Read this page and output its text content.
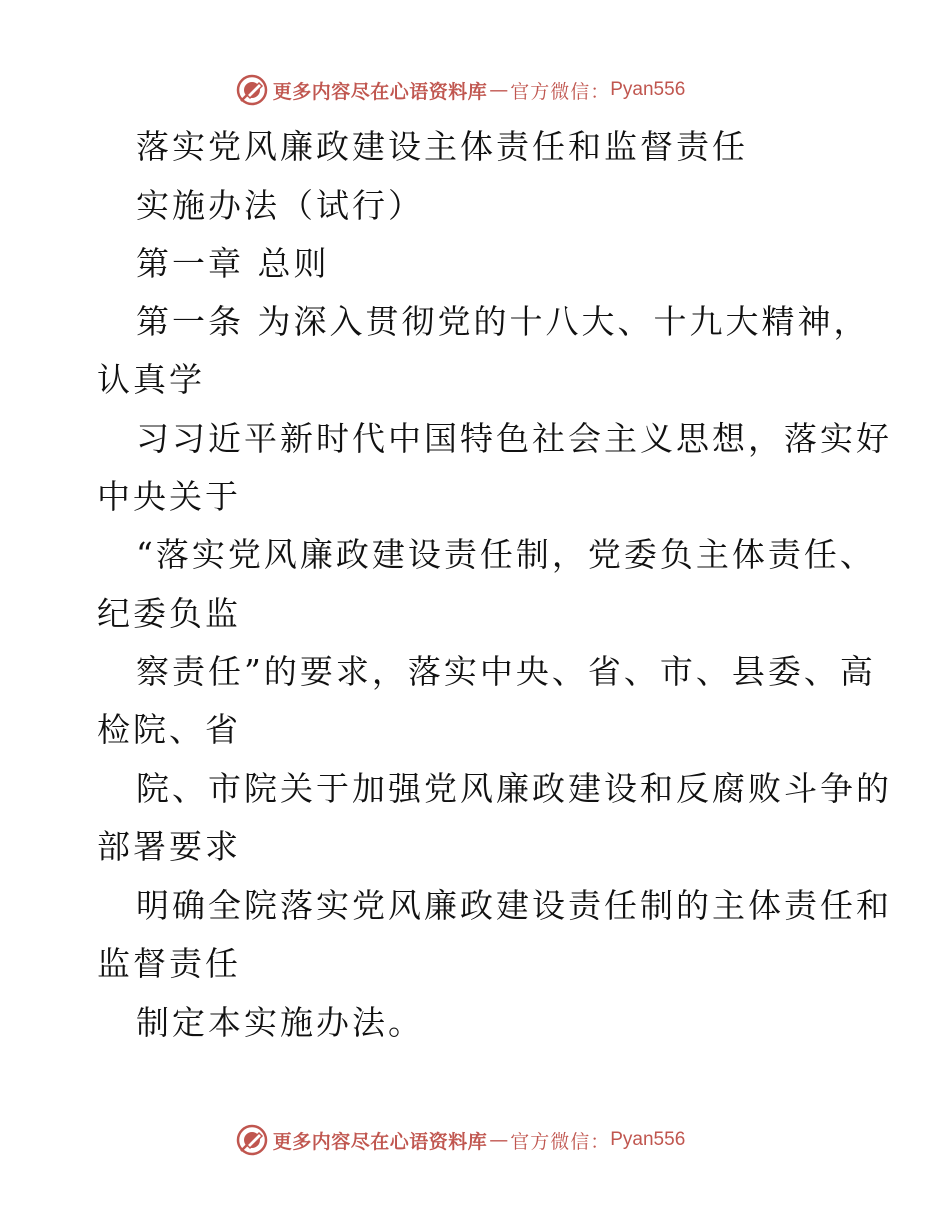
更多内容尽在心语资料库 — 官方微信： Pyan556
落实党风廉政建设主体责任和监督责任
实施办法（试行）
第一章 总则
第一条 为深入贯彻党的十八大、十九大精神，
认真学
习习近平新时代中国特色社会主义思想，落实好
中央关于
“落实党风廉政建设责任制，党委负主体责任、
纪委负监
察责任”的要求，落实中央、省、市、县委、高
检院、省
院、市院关于加强党风廉政建设和反腐败斗争的
部署要求
明确全院落实党风廉政建设责任制的主体责任和
监督责任
制定本实施办法。
更多内容尽在心语资料库 — 官方微信： Pyan556
